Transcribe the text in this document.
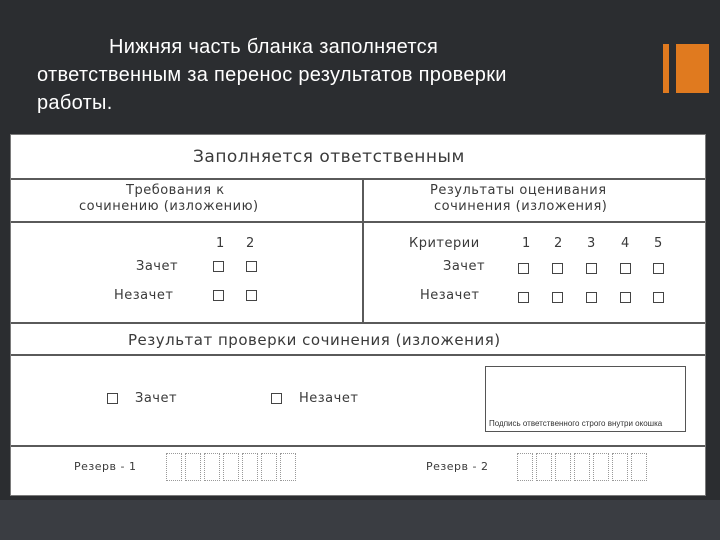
Нижняя часть бланка заполняется
ответственным за перенос результатов проверки
работы.
Заполняется ответственным
Требования к
сочинению (изложению)
Результаты оценивания
сочинения (изложения)
1 2
Зачет
Незачет
Критерии	1 2 3 4 5
Зачет
Незачет
Результат проверки сочинения (изложения)
Зачет	Незачет
Подпись ответственного строго внутри окошка
Резерв - 1	Резерв - 2
